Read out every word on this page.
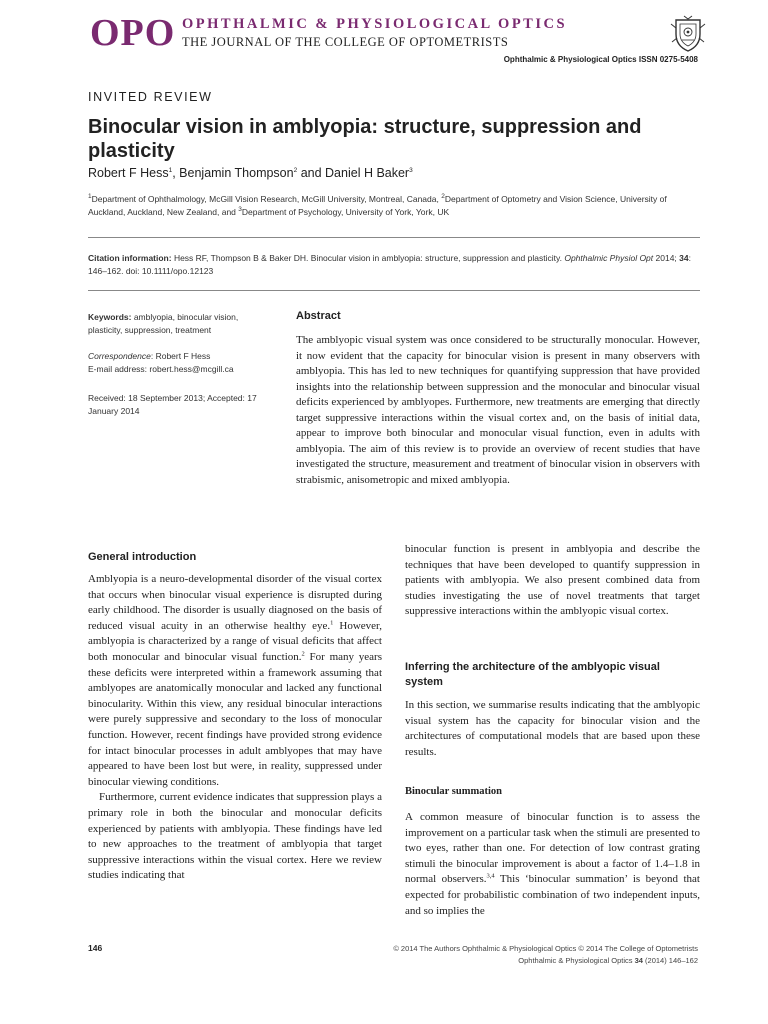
OPO OPHTHALMIC & PHYSIOLOGICAL OPTICS
THE JOURNAL OF THE COLLEGE OF OPTOMETRISTS
Ophthalmic & Physiological Optics ISSN 0275-5408
INVITED REVIEW
Binocular vision in amblyopia: structure, suppression and plasticity
Robert F Hess$^1$, Benjamin Thompson$^2$ and Daniel H Baker$^3$
$^1$Department of Ophthalmology, McGill Vision Research, McGill University, Montreal, Canada, $^2$Department of Optometry and Vision Science, University of Auckland, Auckland, New Zealand, and $^3$Department of Psychology, University of York, York, UK
Citation information: Hess RF, Thompson B & Baker DH. Binocular vision in amblyopia: structure, suppression and plasticity. Ophthalmic Physiol Opt 2014; 34: 146–162. doi: 10.1111/opo.12123
Keywords: amblyopia, binocular vision, plasticity, suppression, treatment
Correspondence: Robert F Hess
E-mail address: robert.hess@mcgill.ca
Received: 18 September 2013; Accepted: 17 January 2014
Abstract
The amblyopic visual system was once considered to be structurally monocular. However, it now evident that the capacity for binocular vision is present in many observers with amblyopia. This has led to new techniques for quantifying suppression that have provided insights into the relationship between suppression and the monocular and binocular visual deficits experienced by amblyopes. Furthermore, new treatments are emerging that directly target suppressive interactions within the visual cortex and, on the basis of initial data, appear to improve both binocular and monocular visual function, even in adults with amblyopia. The aim of this review is to provide an overview of recent studies that have investigated the structure, measurement and treatment of binocular vision in observers with strabismic, anisometropic and mixed amblyopia.
General introduction
Amblyopia is a neuro-developmental disorder of the visual cortex that occurs when binocular visual experience is disrupted during early childhood. The disorder is usually diagnosed on the basis of reduced visual acuity in an otherwise healthy eye.$^1$ However, amblyopia is characterized by a range of visual deficits that affect both monocular and binocular visual function.$^2$ For many years these deficits were interpreted within a framework assuming that amblyopes are anatomically monocular and lacked any functional binocularity. Within this view, any residual binocular interactions were purely suppressive and secondary to the loss of monocular function. However, recent findings have provided strong evidence for intact binocular processes in adult amblyopes that may have appeared to have been lost but were, in reality, suppressed under binocular viewing conditions.
Furthermore, current evidence indicates that suppression plays a primary role in both the binocular and monocular deficits experienced by patients with amblyopia. These findings have led to new approaches to the treatment of amblyopia that target suppressive interactions within the visual cortex. Here we review studies indicating that
binocular function is present in amblyopia and describe the techniques that have been developed to quantify suppression in patients with amblyopia. We also present combined data from studies investigating the use of novel treatments that target suppressive interactions within the amblyopic visual cortex.
Inferring the architecture of the amblyopic visual system
In this section, we summarise results indicating that the amblyopic visual system has the capacity for binocular vision and the architectures of computational models that are based upon these results.
Binocular summation
A common measure of binocular function is to assess the improvement on a particular task when the stimuli are presented to two eyes, rather than one. For detection of low contrast grating stimuli the binocular improvement is about a factor of 1.4–1.8 in normal observers.$^{3,4}$ This ‘binocular summation’ is beyond that expected for probabilistic combination of two independent inputs, and so implies the
146	© 2014 The Authors Ophthalmic & Physiological Optics © 2014 The College of Optometrists
Ophthalmic & Physiological Optics 34 (2014) 146–162
